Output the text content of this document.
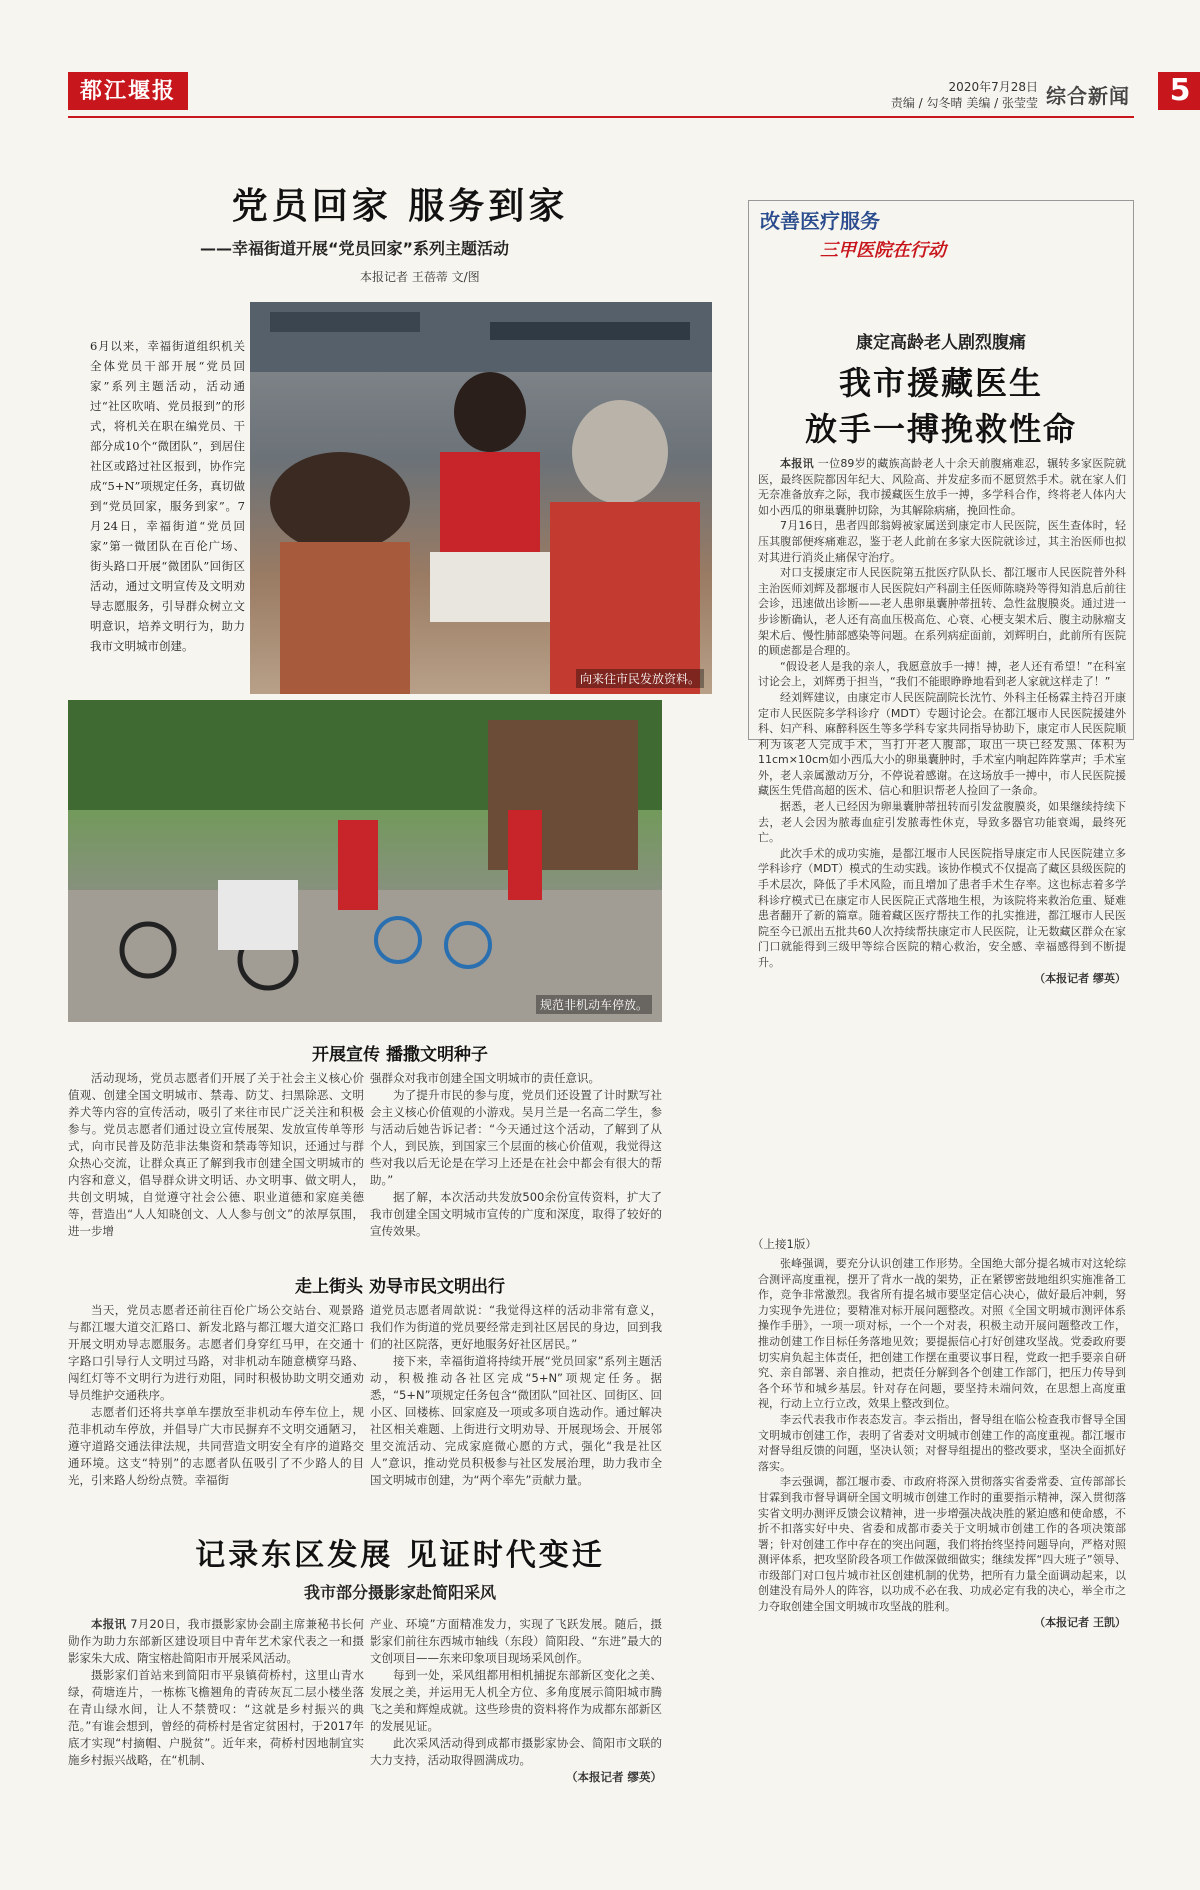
都江堰报	2020年7月28日
责编 / 勾冬晴 美编 / 张莹莹 综合新闻	5
党员回家 服务到家
——幸福街道开展“党员回家”系列主题活动
本报记者 王蓓蒂 文/图
6月以来，幸福街道组织机关全体党员干部开展“党员回家”系列主题活动，活动通过“社区吹哨、党员报到”的形式，将机关在职在编党员、干部分成10个“微团队”，到居住社区或路过社区报到，协作完成“5+N”项规定任务，真切做到“党员回家，服务到家”。7月24日，幸福街道“党员回家”第一微团队在百伦广场、街头路口开展“微团队”回街区活动，通过文明宣传及文明劝导志愿服务，引导群众树立文明意识，培养文明行为，助力我市文明城市创建。
向来往市民发放资料。
规范非机动车停放。
开展宣传 播撒文明种子

活动现场，党员志愿者们开展了关于社会主义核心价值观、创建全国文明城市、禁毒、防艾、扫黑除恶、文明养犬等内容的宣传活动，吸引了来往市民广泛关注和积极参与。党员志愿者们通过设立宣传展架、发放宣传单等形式，向市民普及防范非法集资和禁毒等知识，还通过与群众热心交流，让群众真正了解到我市创建全国文明城市的内容和意义，倡导群众讲文明话、办文明事、做文明人，共创文明城，自觉遵守社会公德、职业道德和家庭美德等，营造出“人人知晓创文、人人参与创文”的浓厚氛围，进一步增

强群众对我市创建全国文明城市的责任意识。

为了提升市民的参与度，党员们还设置了计时默写社会主义核心价值观的小游戏。吴月兰是一名高二学生，参与活动后她告诉记者：“今天通过这个活动，了解到了从个人，到民族，到国家三个层面的核心价值观，我觉得这些对我以后无论是在学习上还是在社会中都会有很大的帮助。”

据了解，本次活动共发放500余份宣传资料，扩大了我市创建全国文明城市宣传的广度和深度，取得了较好的宣传效果。

走上街头 劝导市民文明出行

当天，党员志愿者还前往百伦广场公交站台、观景路与都江堰大道交汇路口、新发北路与都江堰大道交汇路口开展文明劝导志愿服务。志愿者们身穿红马甲，在交通十字路口引导行人文明过马路，对非机动车随意横穿马路、闯红灯等不文明行为进行劝阻，同时积极协助文明交通劝导员维护交通秩序。

志愿者们还将共享单车摆放至非机动车停车位上，规范非机动车停放，并倡导广大市民摒弃不文明交通陋习，遵守道路交通法律法规，共同营造文明安全有序的道路交通环境。这支“特别”的志愿者队伍吸引了不少路人的目光，引来路人纷纷点赞。幸福街

道党员志愿者周歆说：“我觉得这样的活动非常有意义，我们作为街道的党员要经常走到社区居民的身边，回到我们的社区院落，更好地服务好社区居民。”

接下来，幸福街道将持续开展“党员回家”系列主题活动，积极推动各社区完成“5+N”项规定任务。据悉，“5+N”项规定任务包含“微团队”回社区、回街区、回小区、回楼栋、回家庭及一项或多项自选动作。通过解决社区相关难题、上街进行文明劝导、开展现场会、开展邻里交流活动、完成家庭微心愿的方式，强化“我是社区人”意识，推动党员积极参与社区发展治理，助力我市全国文明城市创建，为“两个率先”贡献力量。

记录东区发展 见证时代变迁
我市部分摄影家赴简阳采风

本报讯 7月20日，我市摄影家协会副主席兼秘书长何勋作为助力东部新区建设项目中青年艺术家代表之一和摄影家朱大成、隋宝榕赴简阳市开展采风活动。

摄影家们首站来到简阳市平泉镇荷桥村，这里山青水绿，荷塘连片，一栋栋飞檐翘角的青砖灰瓦二层小楼坐落在青山绿水间，让人不禁赞叹：“这就是乡村振兴的典范。”有谁会想到，曾经的荷桥村是省定贫困村，于2017年底才实现“村摘帽、户脱贫”。近年来，荷桥村因地制宜实施乡村振兴战略，在“机制、

产业、环境”方面精准发力，实现了飞跃发展。随后，摄影家们前往东西城市轴线（东段）简阳段、“东进”最大的文创项目——东来印象项目现场采风创作。

每到一处，采风组都用相机捕捉东部新区变化之美、发展之美，并运用无人机全方位、多角度展示简阳城市腾飞之美和辉煌成就。这些珍贵的资料将作为成都东部新区的发展见证。

此次采风活动得到成都市摄影家协会、简阳市文联的大力支持，活动取得圆满成功。

（本报记者 缪英）
改善医疗服务
三甲医院在行动
康定高龄老人剧烈腹痛
我市援藏医生
放手一搏挽救性命

本报讯 一位89岁的藏族高龄老人十余天前腹痛难忍，辗转多家医院就医，最终医院都因年纪大、风险高、并发症多而不愿贸然手术。就在家人们无奈准备放弃之际，我市援藏医生放手一搏，多学科合作，终将老人体内大如小西瓜的卵巢囊肿切除，为其解除病痛，挽回性命。

7月16日，患者四郎翁姆被家属送到康定市人民医院，医生查体时，轻压其腹部便疼痛难忍，鉴于老人此前在多家大医院就诊过，其主治医师也拟对其进行消炎止痛保守治疗。

对口支援康定市人民医院第五批医疗队队长、都江堰市人民医院普外科主治医师刘辉及都堰市人民医院妇产科副主任医师陈晓羚等得知消息后前往会诊，迅速做出诊断——老人患卵巢囊肿蒂扭转、急性盆腹膜炎。通过进一步诊断确认，老人还有高血压极高危、心衰、心梗支架术后、腹主动脉瘤支架术后、慢性肺部感染等问题。在系列病症面前，刘辉明白，此前所有医院的顾虑都是合理的。

“假设老人是我的亲人，我愿意放手一搏！搏，老人还有希望！”在科室讨论会上，刘辉勇于担当，“我们不能眼睁睁地看到老人家就这样走了！”

经刘辉建议，由康定市人民医院副院长沈竹、外科主任杨霖主持召开康定市人民医院多学科诊疗（MDT）专题讨论会。在都江堰市人民医院援建外科、妇产科、麻醉科医生等多学科专家共同指导协助下，康定市人民医院顺利为该老人完成手术，当打开老人腹部，取出一块已经发黑、体积为11cm×10cm如小西瓜大小的卵巢囊肿时，手术室内响起阵阵掌声；手术室外，老人亲属激动万分，不停说着感谢。在这场放手一搏中，市人民医院援藏医生凭借高超的医术、信心和胆识帮老人捡回了一条命。

据悉，老人已经因为卵巢囊肿蒂扭转而引发盆腹膜炎，如果继续持续下去，老人会因为脓毒血症引发脓毒性休克，导致多器官功能衰竭，最终死亡。

此次手术的成功实施，是都江堰市人民医院指导康定市人民医院建立多学科诊疗（MDT）模式的生动实践。该协作模式不仅提高了藏区县级医院的手术层次，降低了手术风险，而且增加了患者手术生存率。这也标志着多学科诊疗模式已在康定市人民医院正式落地生根，为该院将来救治危重、疑难患者翻开了新的篇章。随着藏区医疗帮扶工作的扎实推进，都江堰市人民医院至今已派出五批共60人次持续帮扶康定市人民医院，让无数藏区群众在家门口就能得到三级甲等综合医院的精心救治，安全感、幸福感得到不断提升。

（本报记者 缪英）
（上接1版）

张峰强调，要充分认识创建工作形势。全国绝大部分提名城市对这轮综合测评高度重视，摆开了背水一战的架势，正在紧锣密鼓地组织实施准备工作，竞争非常激烈。我省所有提名城市要坚定信心决心，做好最后冲刺，努力实现争先进位；要精准对标开展问题整改。对照《全国文明城市测评体系操作手册》，一项一项对标，一个一个对表，积极主动开展问题整改工作，推动创建工作目标任务落地见效；要提振信心打好创建攻坚战。党委政府要切实肩负起主体责任，把创建工作摆在重要议事日程，党政一把手要亲自研究、亲自部署、亲自推动，把责任分解到各个创建工作部门，把压力传导到各个环节和城乡基层。针对存在问题，要坚持未端问效，在思想上高度重视，行动上立行立改，效果上整改到位。

李云代表我市作表态发言。李云指出，督导组在临公检查我市督导全国文明城市创建工作，表明了省委对文明城市创建工作的高度重视。都江堰市对督导组反馈的问题，坚决认领；对督导组提出的整改要求，坚决全面抓好落实。

李云强调，都江堰市委、市政府将深入贯彻落实省委常委、宣传部部长甘霖到我市督导调研全国文明城市创建工作时的重要指示精神，深入贯彻落实省文明办测评反馈会议精神，进一步增强决战决胜的紧迫感和使命感，不折不扣落实好中央、省委和成都市委关于文明城市创建工作的各项决策部署；针对创建工作中存在的突出问题，我们将抬终坚持问题导向，严格对照测评体系，把攻坚阶段各项工作做深做细做实；继续发挥“四大班子”领导、市级部门对口包片城市社区创建机制的优势，把所有力量全面调动起来，以创建没有局外人的阵容，以功成不必在我、功成必定有我的决心，举全市之力夺取创建全国文明城市攻坚战的胜利。

（本报记者 王凯）
